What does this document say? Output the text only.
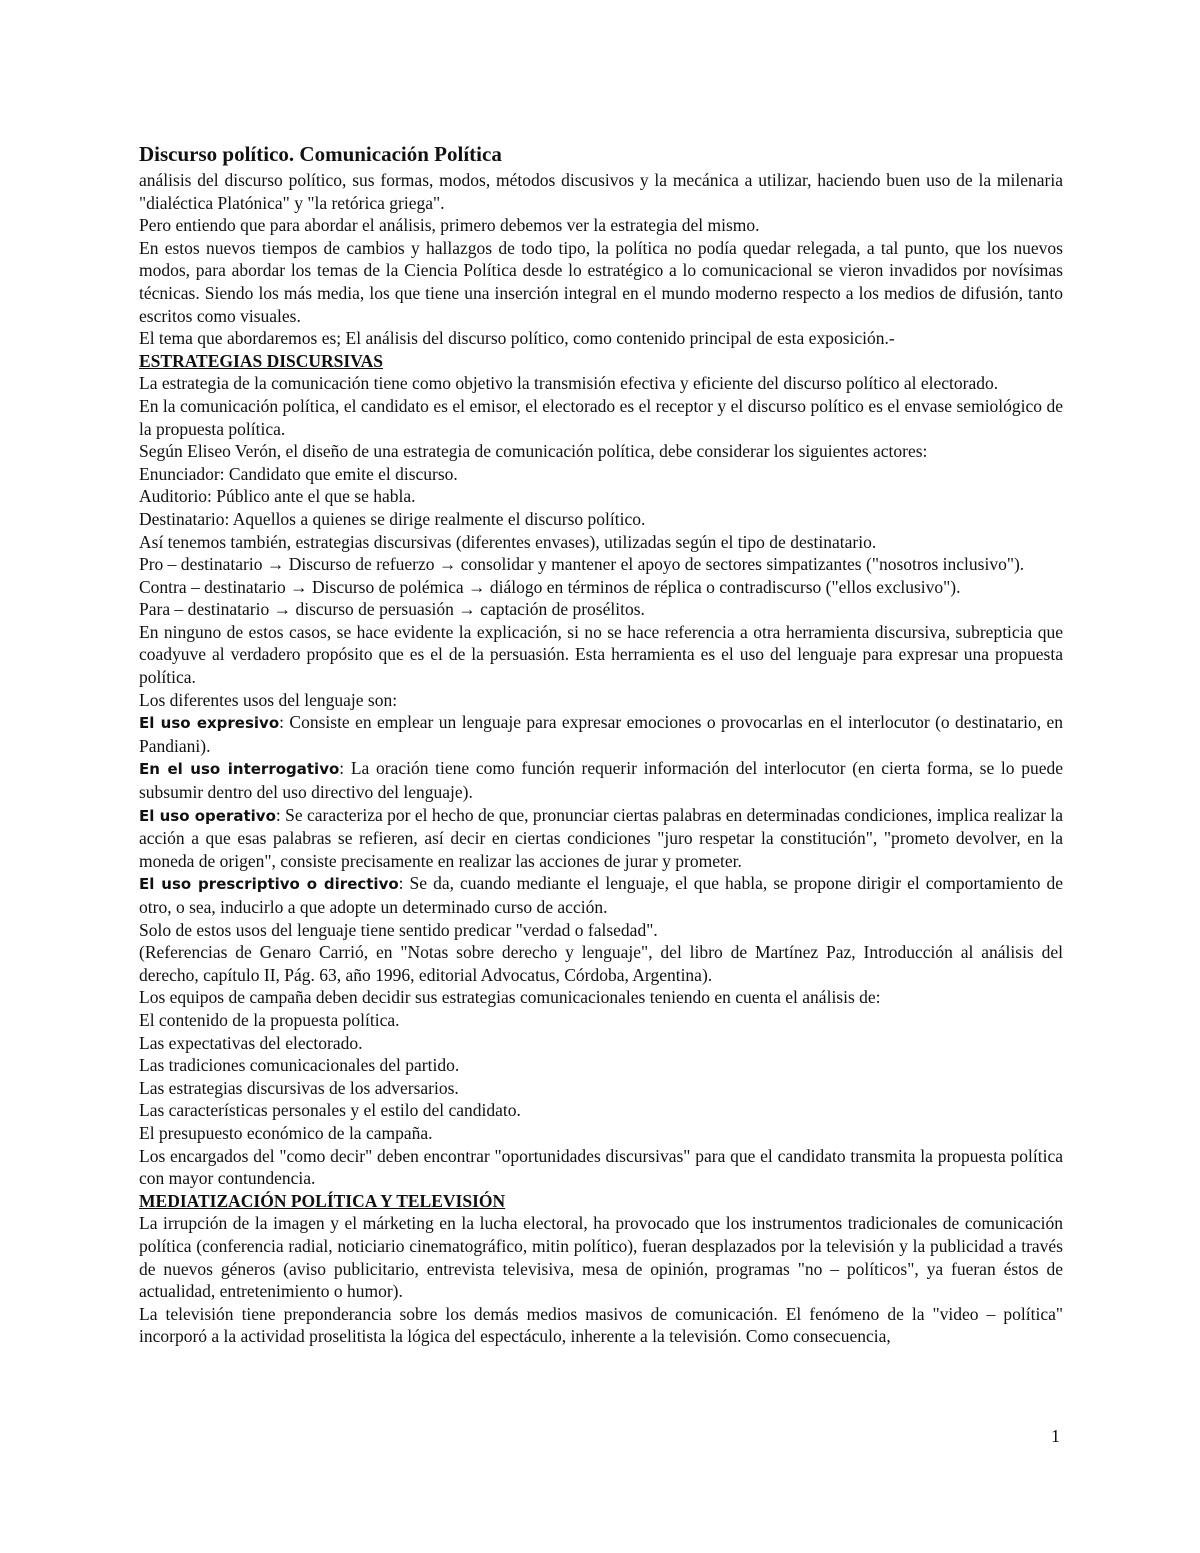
Discurso político. Comunicación Política

análisis del discurso político, sus formas, modos, métodos discusivos y la mecánica a utilizar, haciendo buen uso de la milenaria "dialéctica Platónica" y "la retórica griega".

Pero entiendo que para abordar el análisis, primero debemos ver la estrategia del mismo.

En estos nuevos tiempos de cambios y hallazgos de todo tipo, la política no podía quedar relegada, a tal punto, que los nuevos modos, para abordar los temas de la Ciencia Política desde lo estratégico a lo comunicacional se vieron invadidos por novísimas técnicas. Siendo los más media, los que tiene una inserción integral en el mundo moderno respecto a los medios de difusión, tanto escritos como visuales.

El tema que abordaremos es; El análisis del discurso político, como contenido principal de esta exposición.-

ESTRATEGIAS DISCURSIVAS

La estrategia de la comunicación tiene como objetivo la transmisión efectiva y eficiente del discurso político al electorado.

En la comunicación política, el candidato es el emisor, el electorado es el receptor y el discurso político es el envase semiológico de la propuesta política.

Según Eliseo Verón, el diseño de una estrategia de comunicación política, debe considerar los siguientes actores:

Enunciador: Candidato que emite el discurso.

Auditorio: Público ante el que se habla.

Destinatario: Aquellos a quienes se dirige realmente el discurso político.

Así tenemos también, estrategias discursivas (diferentes envases), utilizadas según el tipo de destinatario.

Pro – destinatario → Discurso de refuerzo → consolidar y mantener el apoyo de sectores simpatizantes ("nosotros inclusivo").

Contra – destinatario → Discurso de polémica → diálogo en términos de réplica o contradiscurso ("ellos exclusivo").

Para – destinatario → discurso de persuasión → captación de prosélitos.

En ninguno de estos casos, se hace evidente la explicación, si no se hace referencia a otra herramienta discursiva, subrepticia que coadyuve al verdadero propósito que es el de la persuasión. Esta herramienta es el uso del lenguaje para expresar una propuesta política.

Los diferentes usos del lenguaje son:

El uso expresivo: Consiste en emplear un lenguaje para expresar emociones o provocarlas en el interlocutor (o destinatario, en Pandiani).

En el uso interrogativo: La oración tiene como función requerir información del interlocutor (en cierta forma, se lo puede subsumir dentro del uso directivo del lenguaje).

El uso operativo: Se caracteriza por el hecho de que, pronunciar ciertas palabras en determinadas condiciones, implica realizar la acción a que esas palabras se refieren, así decir en ciertas condiciones "juro respetar la constitución", "prometo devolver, en la moneda de origen", consiste precisamente en realizar las acciones de jurar y prometer.

El uso prescriptivo o directivo: Se da, cuando mediante el lenguaje, el que habla, se propone dirigir el comportamiento de otro, o sea, inducirlo a que adopte un determinado curso de acción.

Solo de estos usos del lenguaje tiene sentido predicar "verdad o falsedad".

(Referencias de Genaro Carrió, en "Notas sobre derecho y lenguaje", del libro de Martínez Paz, Introducción al análisis del derecho, capítulo II, Pág. 63, año 1996, editorial Advocatus, Córdoba, Argentina).

Los equipos de campaña deben decidir sus estrategias comunicacionales teniendo en cuenta el análisis de:

El contenido de la propuesta política.

Las expectativas del electorado.

Las tradiciones comunicacionales del partido.

Las estrategias discursivas de los adversarios.

Las características personales y el estilo del candidato.

El presupuesto económico de la campaña.

Los encargados del "como decir" deben encontrar "oportunidades discursivas" para que el candidato transmita la propuesta política con mayor contundencia.

MEDIATIZACIÓN POLÍTICA Y TELEVISIÓN

La irrupción de la imagen y el márketing en la lucha electoral, ha provocado que los instrumentos tradicionales de comunicación política (conferencia radial, noticiario cinematográfico, mitin político), fueran desplazados por la televisión y la publicidad a través de nuevos géneros (aviso publicitario, entrevista televisiva, mesa de opinión, programas "no – políticos", ya fueran éstos de actualidad, entretenimiento o humor).

La televisión tiene preponderancia sobre los demás medios masivos de comunicación. El fenómeno de la "video – política" incorporó a la actividad proselitista la lógica del espectáculo, inherente a la televisión. Como consecuencia,

1
